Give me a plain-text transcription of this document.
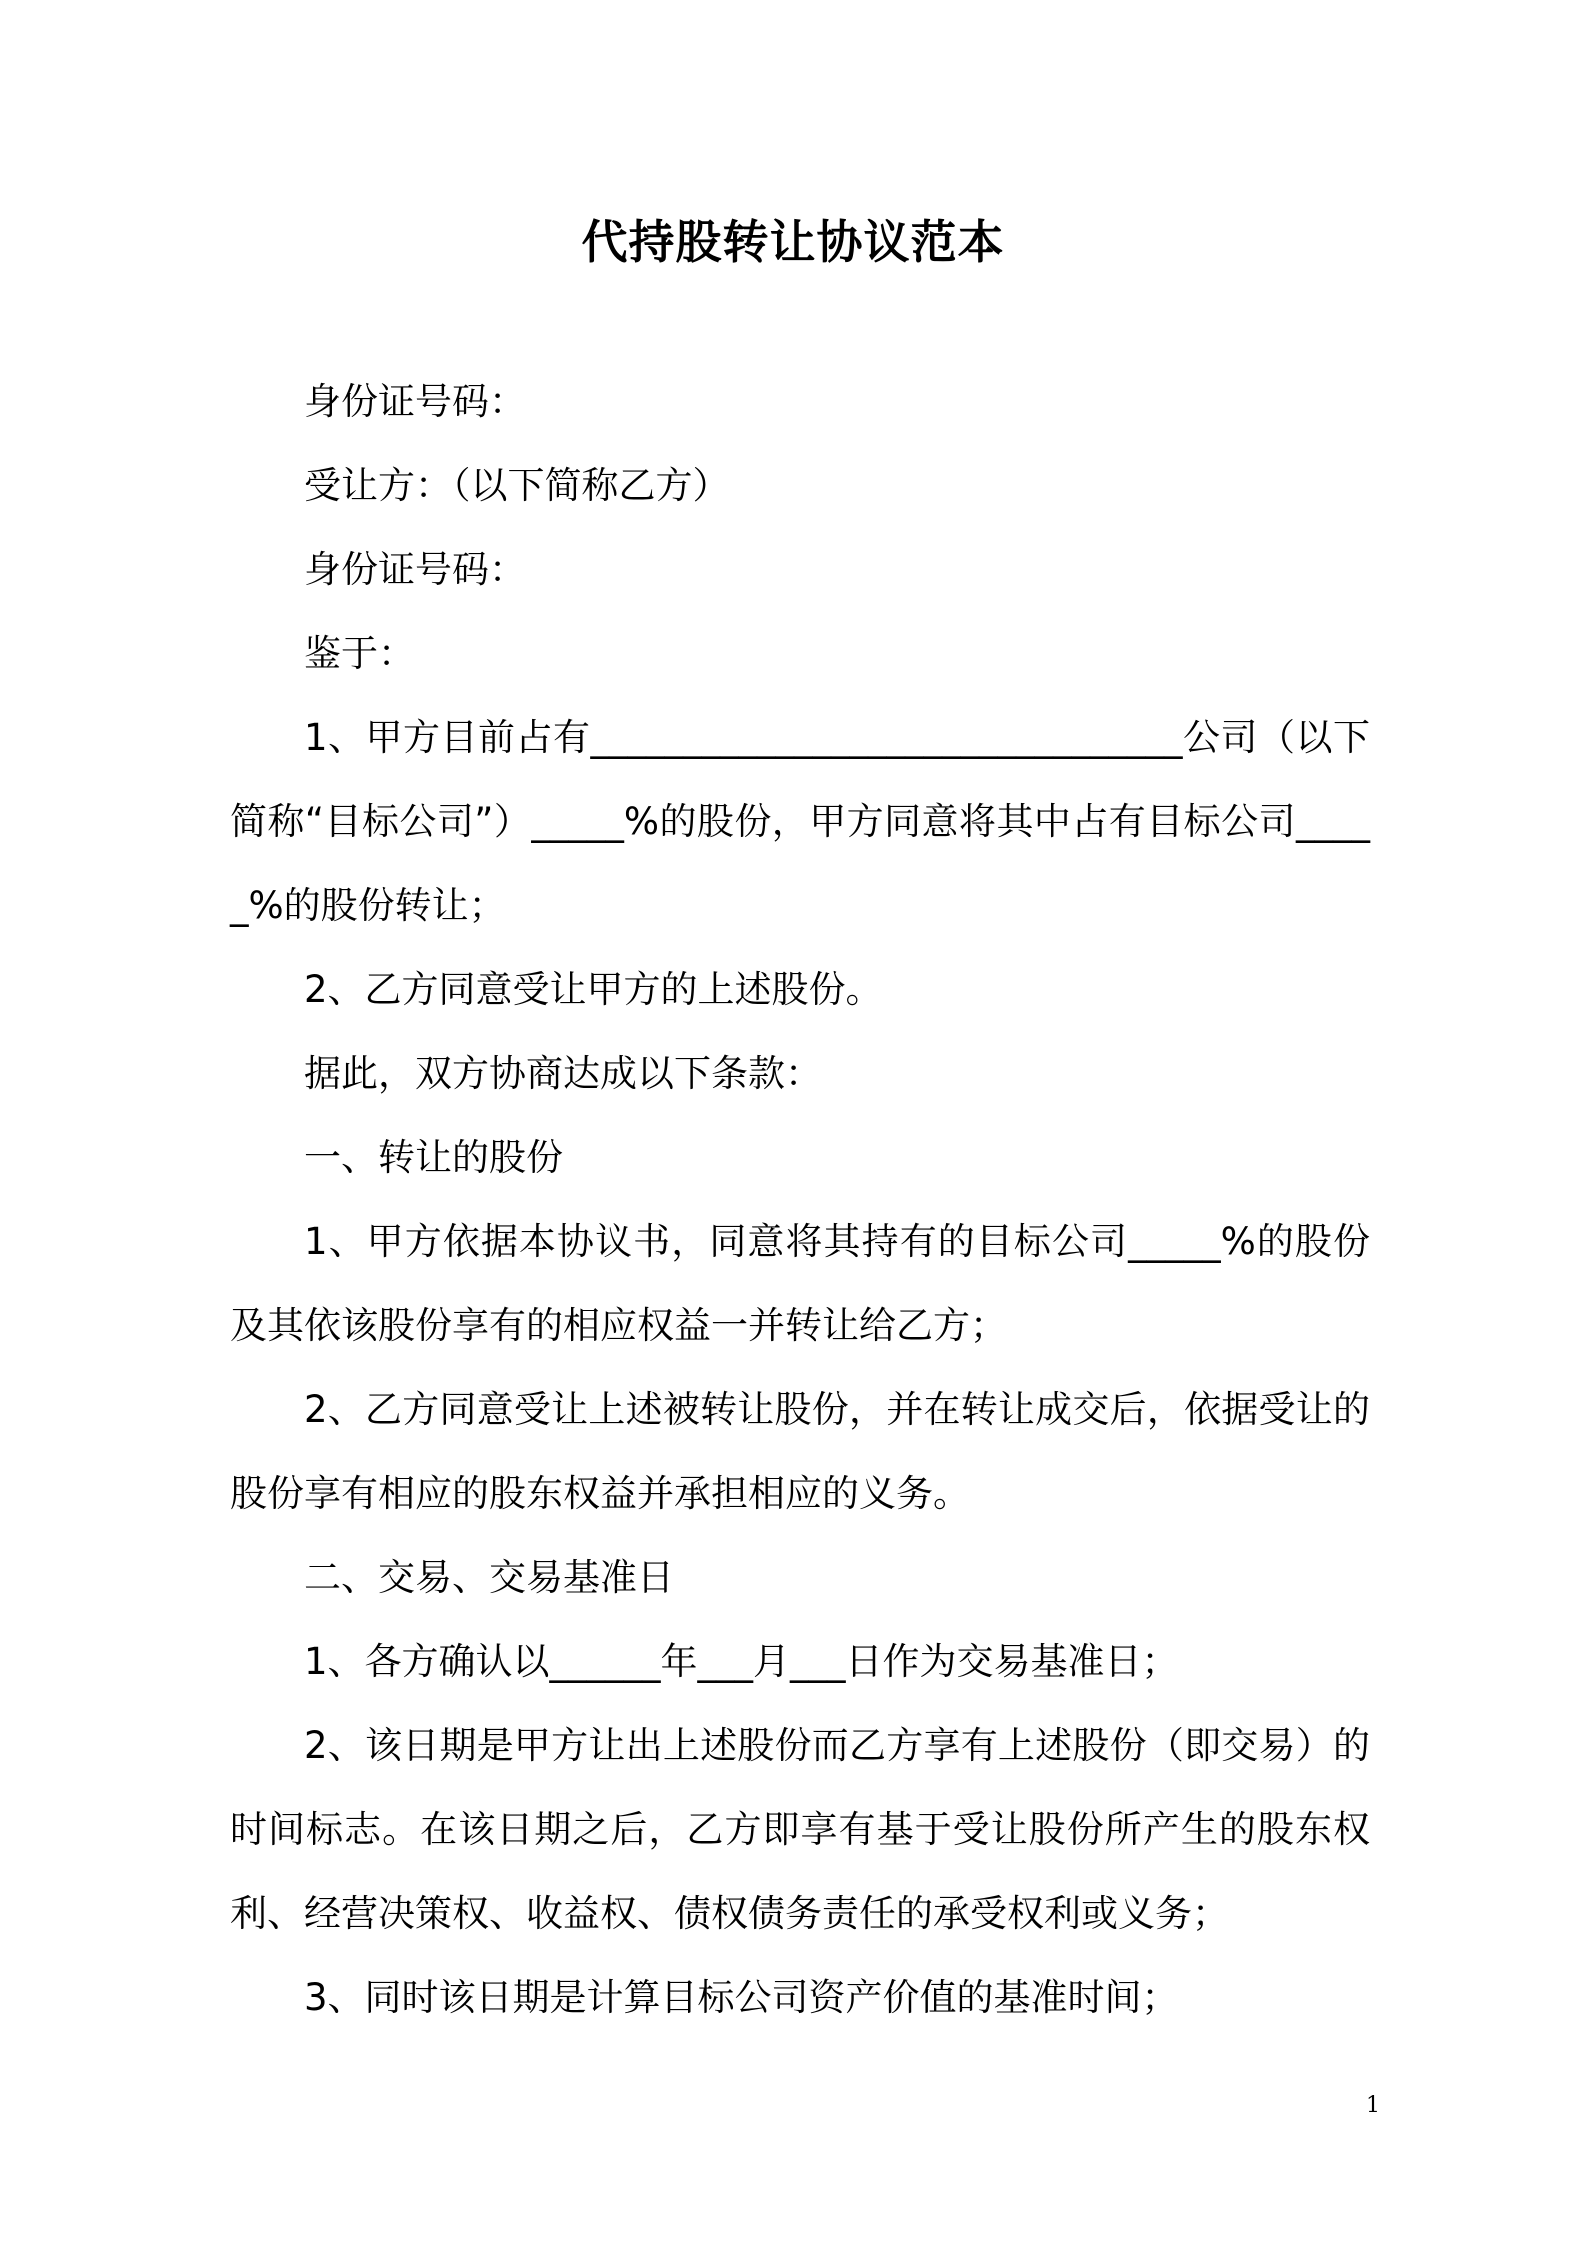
代持股转让协议范本

身份证号码：

受让方：（以下简称乙方）

身份证号码：

鉴于：

1、甲方目前占有________________________________公司（以下简称“目标公司”）_____%的股份，甲方同意将其中占有目标公司_____%的股份转让；

2、乙方同意受让甲方的上述股份。

据此，双方协商达成以下条款：

一、转让的股份

1、甲方依据本协议书，同意将其持有的目标公司_____%的股份及其依该股份享有的相应权益一并转让给乙方；

2、乙方同意受让上述被转让股份，并在转让成交后，依据受让的股份享有相应的股东权益并承担相应的义务。

二、交易、交易基准日

1、各方确认以______年___月___日作为交易基准日；

2、该日期是甲方让出上述股份而乙方享有上述股份（即交易）的时间标志。在该日期之后，乙方即享有基于受让股份所产生的股东权利、经营决策权、收益权、债权债务责任的承受权利或义务；

3、同时该日期是计算目标公司资产价值的基准时间；

1
